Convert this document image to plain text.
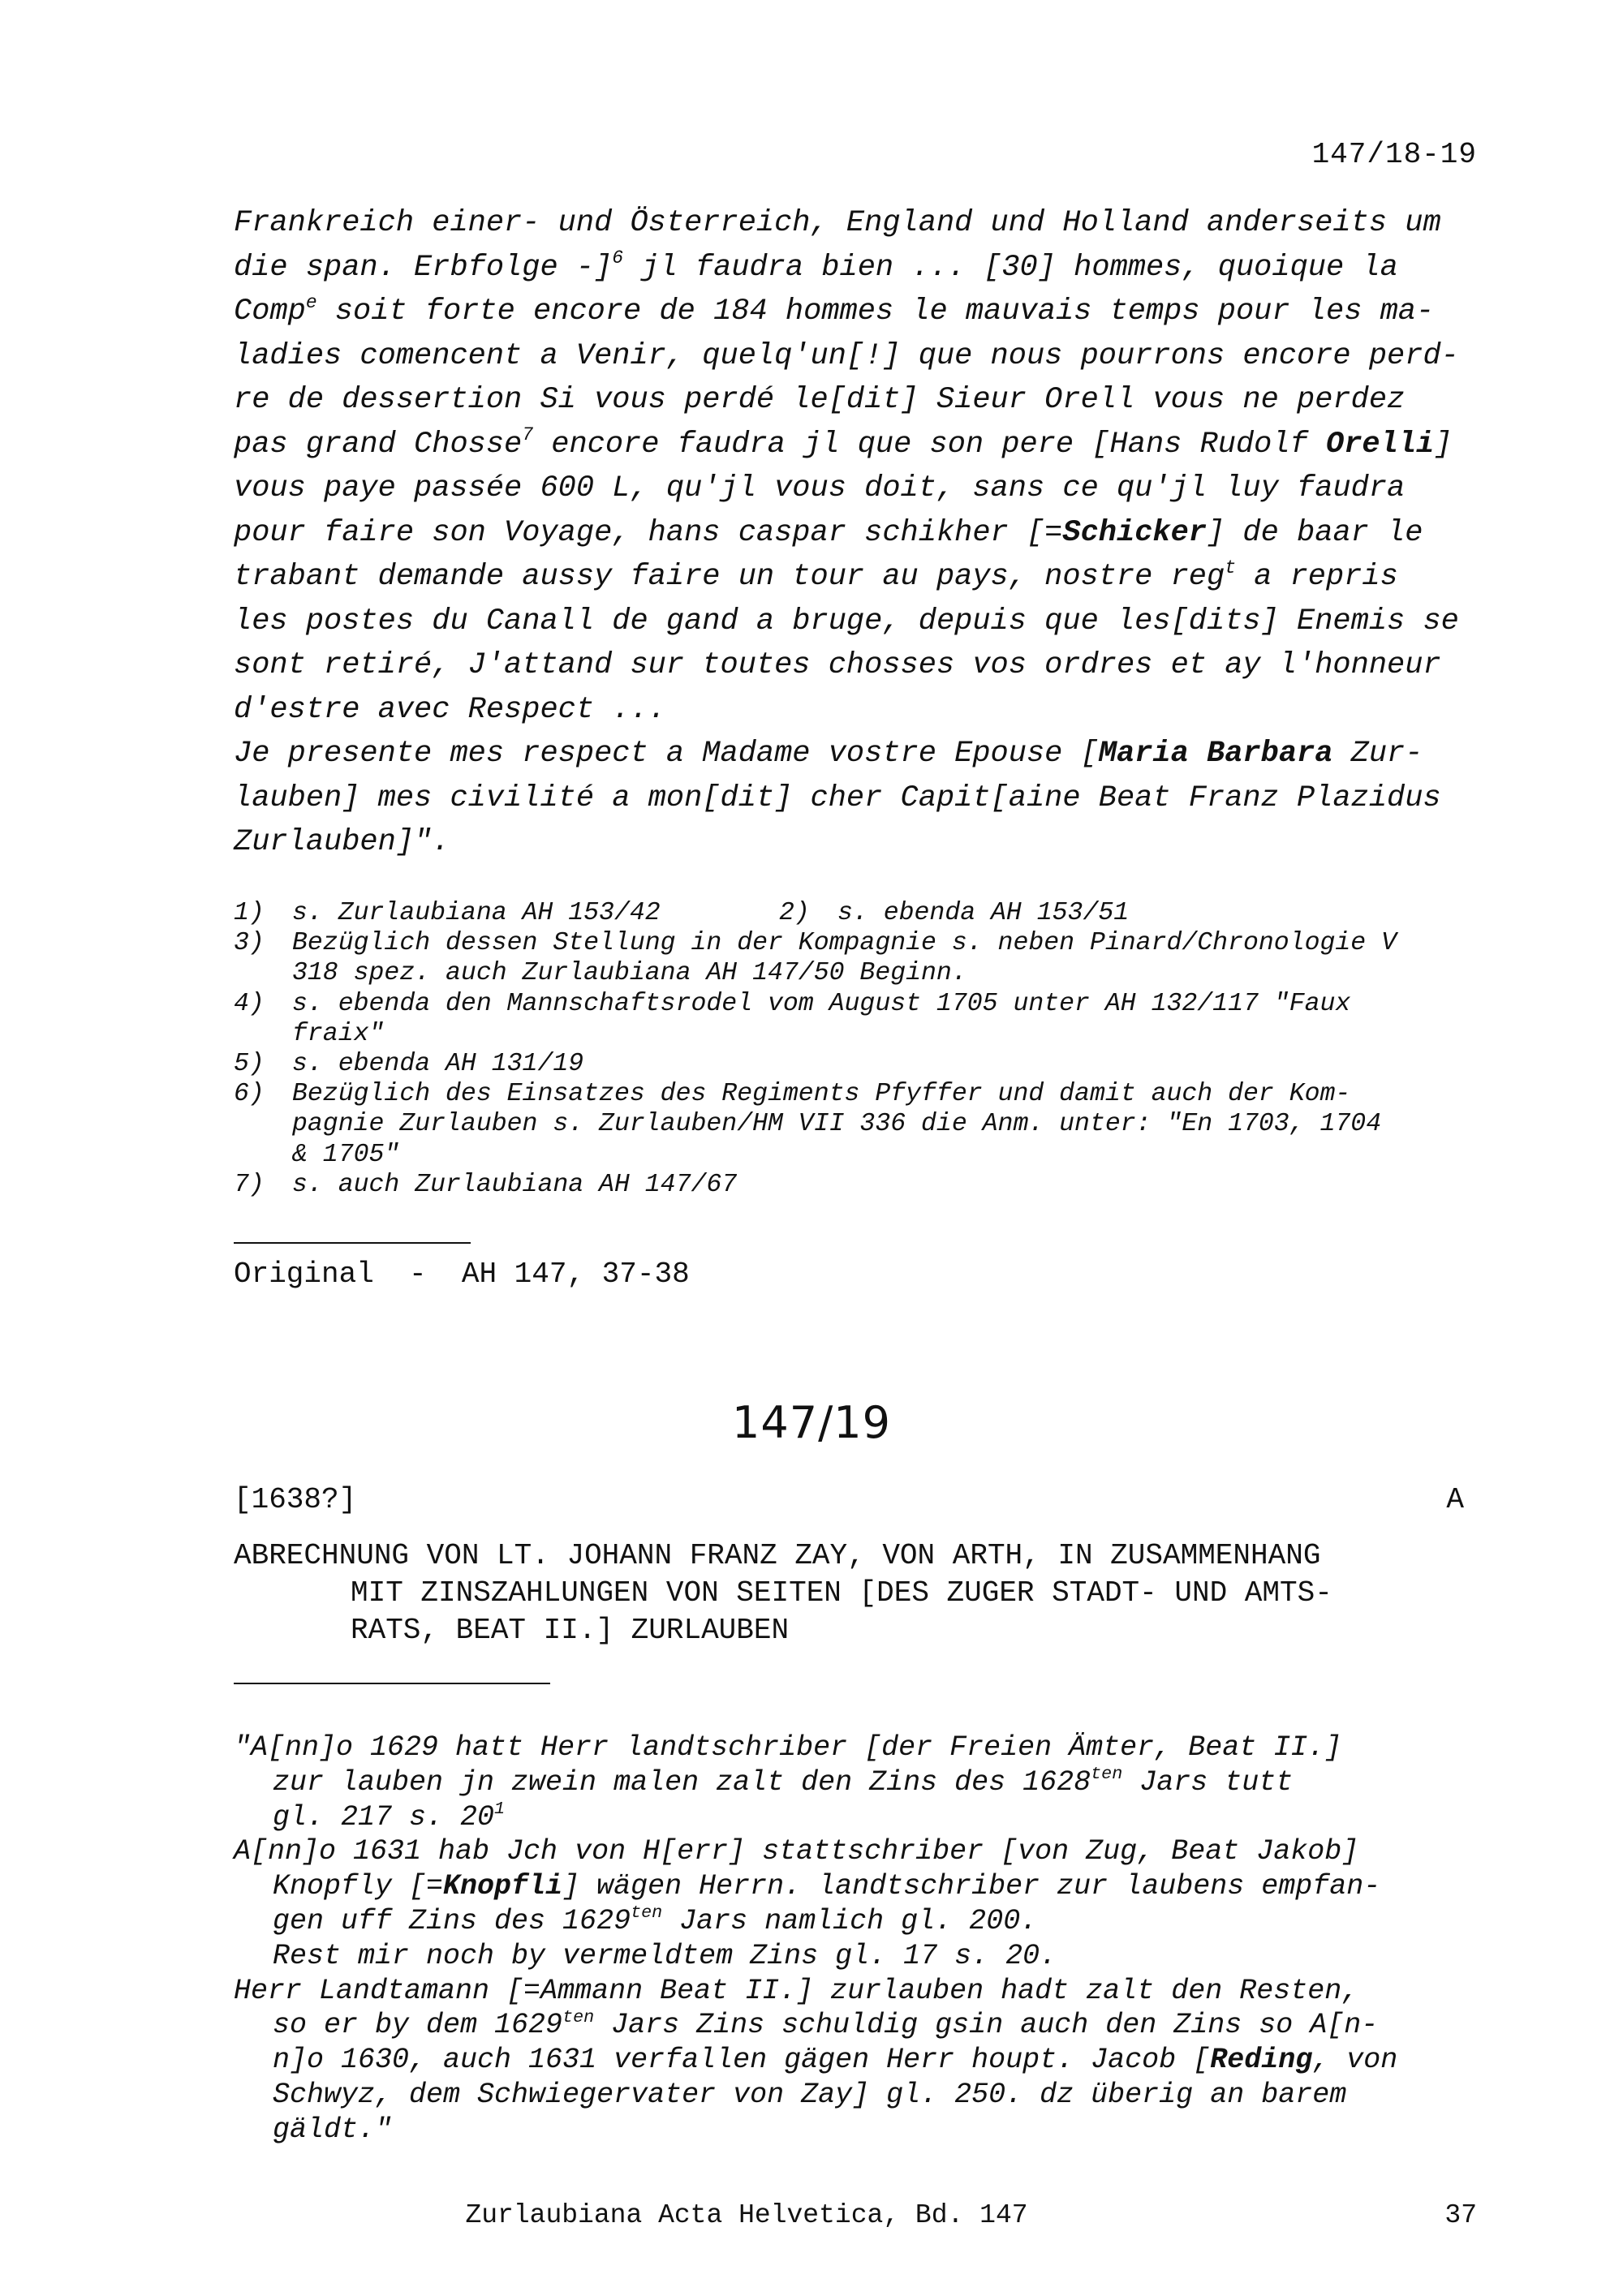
147/18-19
Frankreich einer- und Österreich, England und Holland anderseits um
die span. Erbfolge -]$^6$ jl faudra bien ... [30] hommes, quoique la
Comp$^e$ soit forte encore de 184 hommes le mauvais temps pour les ma-
ladies comencent a Venir, quelq'un[!] que nous pourrons encore perd-
re de dessertion Si vous perdé le[dit] Sieur Orell vous ne perdez
pas grand Chosse$^7$ encore faudra jl que son pere [Hans Rudolf Orelli]
vous paye passée 600 L, qu'jl vous doit, sans ce qu'jl luy faudra
pour faire son Voyage, hans caspar schikher [=Schicker] de baar le
trabant demande aussy faire un tour au pays, nostre reg$^t$ a repris
les postes du Canall de gand a bruge, depuis que les[dits] Enemis se
sont retiré, J'attand sur toutes chosses vos ordres et ay l'honneur
d'estre avec Respect ...
Je presente mes respect a Madame vostre Epouse [Maria Barbara Zur-
lauben] mes civilité a mon[dit] cher Capit[aine Beat Franz Plazidus
Zurlauben]".
1) s. Zurlaubiana AH 153/42	2) s. ebenda AH 153/51
3) Bezüglich dessen Stellung in der Kompagnie s. neben Pinard/Chronologie V
318 spez. auch Zurlaubiana AH 147/50 Beginn.
4) s. ebenda den Mannschaftsrodel vom August 1705 unter AH 132/117 "Faux
fraix"
5) s. ebenda AH 131/19
6) Bezüglich des Einsatzes des Regiments Pfyffer und damit auch der Kom-
pagnie Zurlauben s. Zurlauben/HM VII 336 die Anm. unter: "En 1703, 1704
& 1705"
7) s. auch Zurlaubiana AH 147/67
Original  -  AH 147, 37-38
147/19
[1638?]	A
ABRECHNUNG VON LT. JOHANN FRANZ ZAY, VON ARTH, IN ZUSAMMENHANG
MIT ZINSZAHLUNGEN VON SEITEN [DES ZUGER STADT- UND AMTS-
RATS, BEAT II.] ZURLAUBEN
"A[nn]o 1629 hatt Herr landtschriber [der Freien Ämter, Beat II.]
zur lauben jn zwein malen zalt den Zins des $1628^{ten}$ Jars tutt
gl. 217 s. $20^1$
A[nn]o 1631 hab Jch von H[err] stattschriber [von Zug, Beat Jakob]
Knopfly [=Knopfli] wägen Herrn. landtschriber zur laubens empfan-
gen uff Zins des $1629^{ten}$ Jars namlich gl. 200.
Rest mir noch by vermeldtem Zins gl. 17 s. 20.
Herr Landtamann [=Ammann Beat II.] zurlauben hadt zalt den Resten,
so er by dem $1629^{ten}$ Jars Zins schuldig gsin auch den Zins so A[n-
n]o 1630, auch 1631 verfallen gägen Herr houpt. Jacob [Reding, von
Schwyz, dem Schwiegervater von Zay] gl. 250. dz überig an barem
gäldt."
Zurlaubiana Acta Helvetica, Bd. 147	37
